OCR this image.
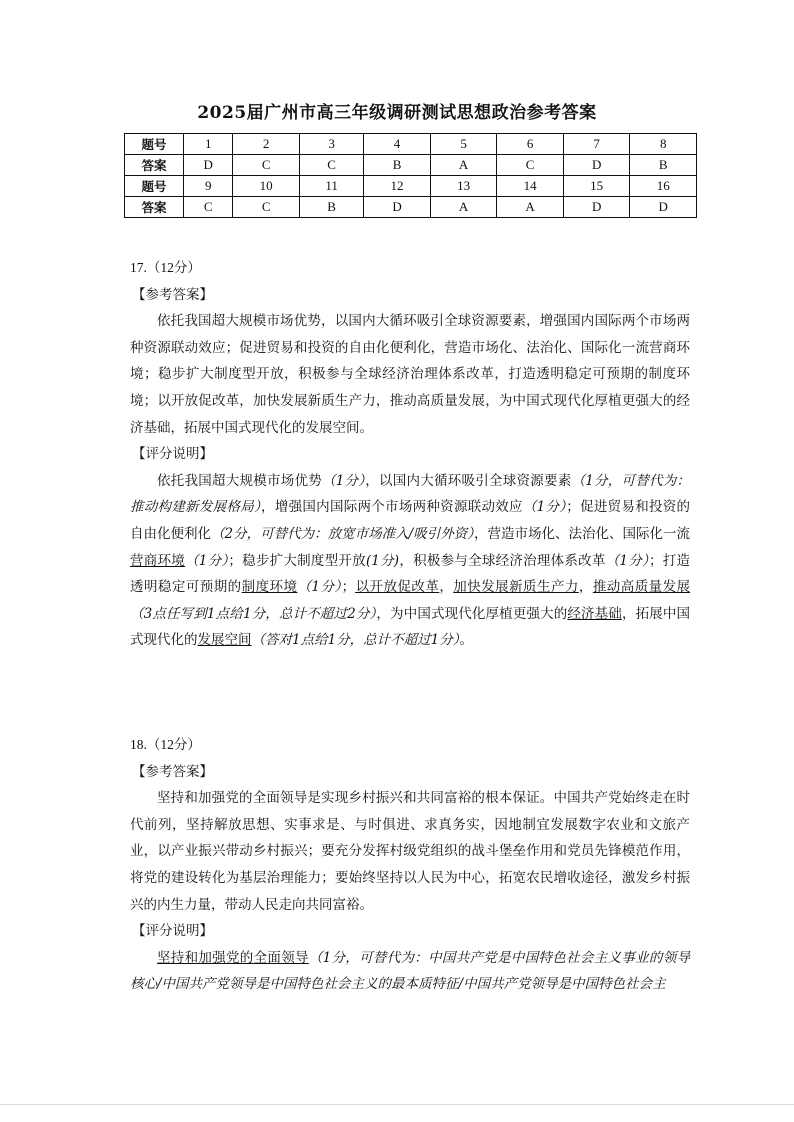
2025届广州市高三年级调研测试思想政治参考答案
题号	1	2	3	4	5	6	7	8
答案	D	C	C	B	A	C	D	B
题号	9	10	11	12	13	14	15	16
答案	C	C	B	D	A	A	D	D
17.（12分）
【参考答案】
依托我国超大规模市场优势，以国内大循环吸引全球资源要素，增强国内国际两个市场两种资源联动效应；促进贸易和投资的自由化便利化，营造市场化、法治化、国际化一流营商环境；稳步扩大制度型开放，积极参与全球经济治理体系改革，打造透明稳定可预期的制度环境；以开放促改革，加快发展新质生产力，推动高质量发展，为中国式现代化厚植更强大的经济基础，拓展中国式现代化的发展空间。
【评分说明】
依托我国超大规模市场优势（1分），以国内大循环吸引全球资源要素（1分，可替代为：推动构建新发展格局），增强国内国际两个市场两种资源联动效应（1分）；促进贸易和投资的自由化便利化（2分，可替代为：放宽市场准入/吸引外资），营造市场化、法治化、国际化一流营商环境（1分）；稳步扩大制度型开放(1分)，积极参与全球经济治理体系改革（1分）；打造透明稳定可预期的制度环境（1分）；以开放促改革，加快发展新质生产力，推动高质量发展（3点任写到1点给1分，总计不超过2分），为中国式现代化厚植更强大的经济基础，拓展中国式现代化的发展空间（答对1点给1分，总计不超过1分）。
18.（12分）
【参考答案】
坚持和加强党的全面领导是实现乡村振兴和共同富裕的根本保证。中国共产党始终走在时代前列，坚持解放思想、实事求是、与时俱进、求真务实，因地制宜发展数字农业和文旅产业，以产业振兴带动乡村振兴；要充分发挥村级党组织的战斗堡垒作用和党员先锋模范作用，将党的建设转化为基层治理能力；要始终坚持以人民为中心，拓宽农民增收途径，激发乡村振兴的内生力量，带动人民走向共同富裕。
【评分说明】
坚持和加强党的全面领导（1分，可替代为：中国共产党是中国特色社会主义事业的领导核心/中国共产党领导是中国特色社会主义的最本质特征/中国共产党领导是中国特色社会主
